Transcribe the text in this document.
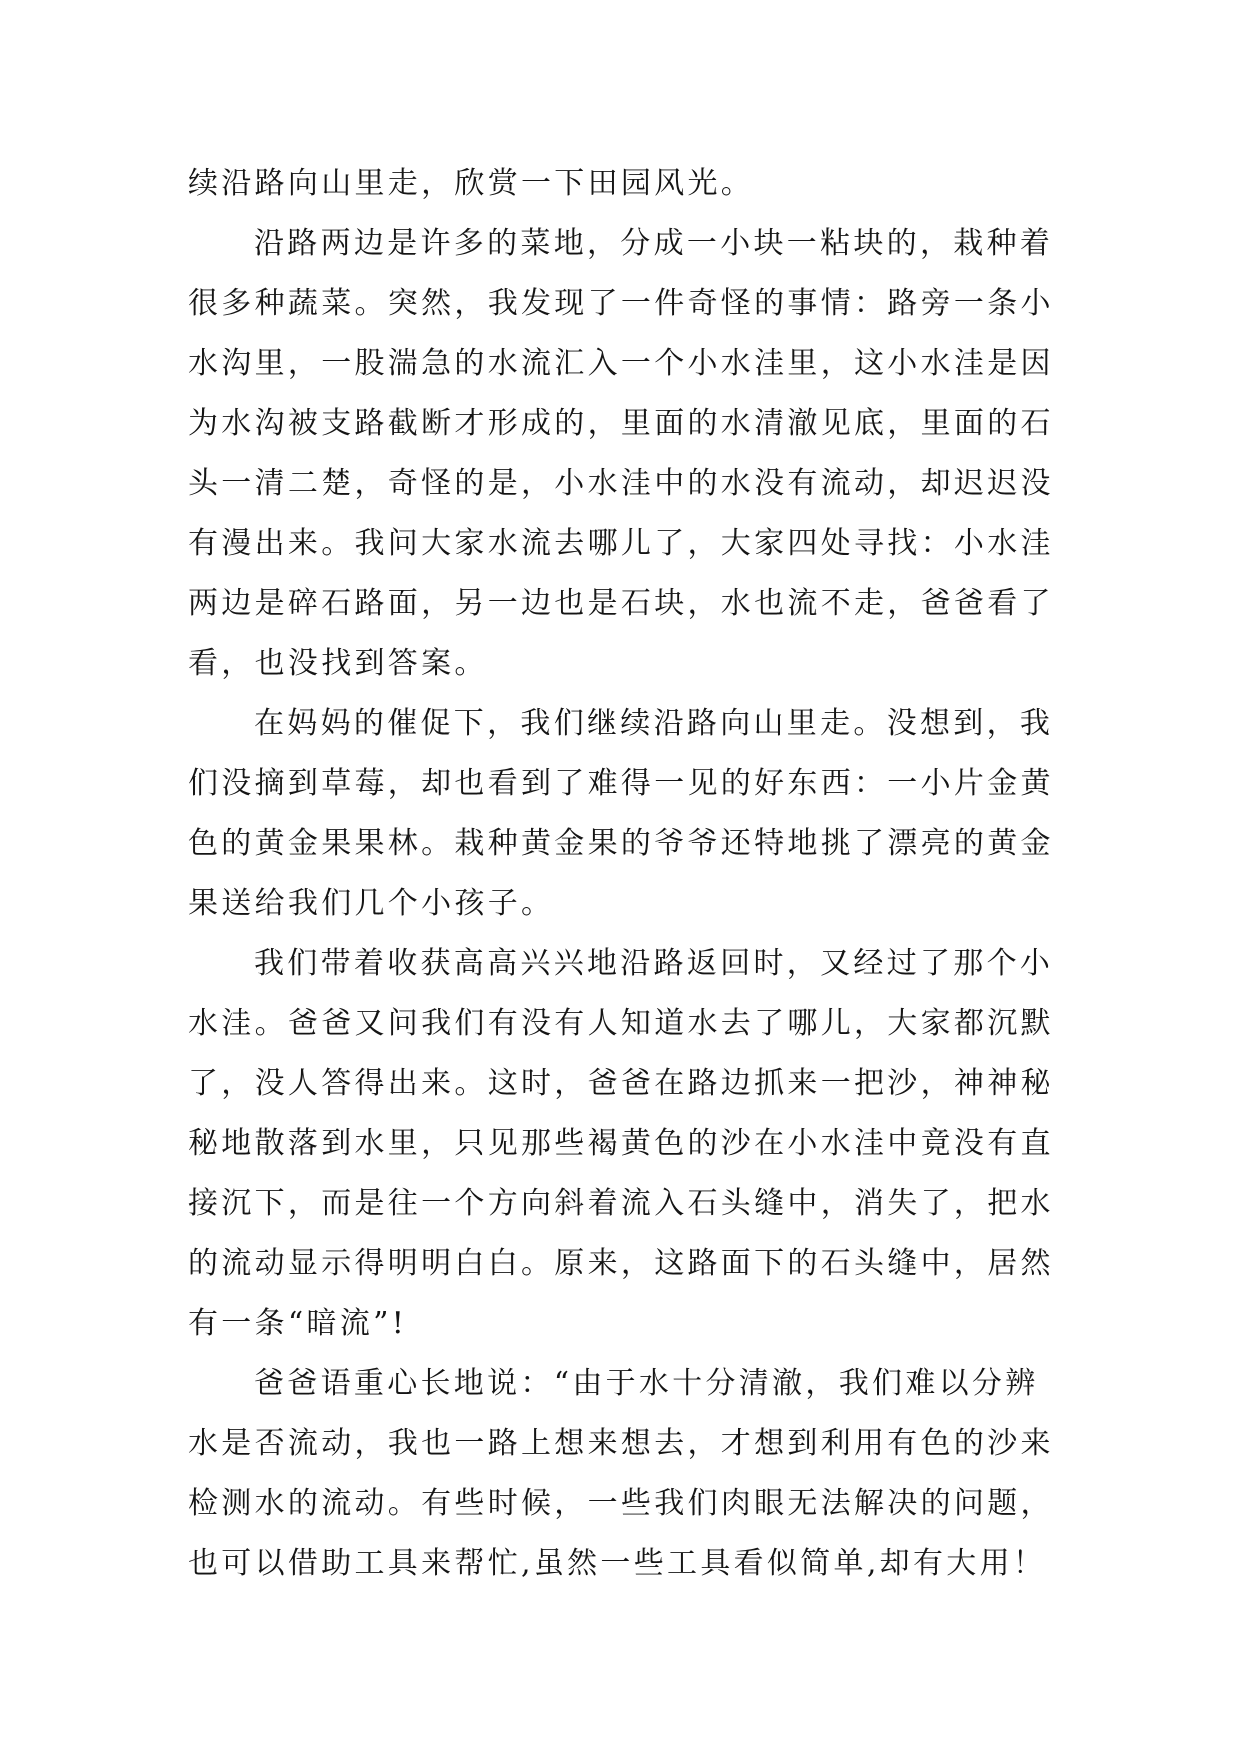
续沿路向山里走，欣赏一下田园风光。
沿路两边是许多的菜地，分成一小块一粘块的，栽种着
很多种蔬菜。突然，我发现了一件奇怪的事情：路旁一条小
水沟里，一股湍急的水流汇入一个小水洼里，这小水洼是因
为水沟被支路截断才形成的，里面的水清澈见底，里面的石
头一清二楚，奇怪的是，小水洼中的水没有流动，却迟迟没
有漫出来。我问大家水流去哪儿了，大家四处寻找：小水洼
两边是碎石路面，另一边也是石块，水也流不走，爸爸看了
看，也没找到答案。
在妈妈的催促下，我们继续沿路向山里走。没想到，我
们没摘到草莓，却也看到了难得一见的好东西：一小片金黄
色的黄金果果林。栽种黄金果的爷爷还特地挑了漂亮的黄金
果送给我们几个小孩子。
我们带着收获高高兴兴地沿路返回时，又经过了那个小
水洼。爸爸又问我们有没有人知道水去了哪儿，大家都沉默
了，没人答得出来。这时，爸爸在路边抓来一把沙，神神秘
秘地散落到水里，只见那些褐黄色的沙在小水洼中竟没有直
接沉下，而是往一个方向斜着流入石头缝中，消失了，把水
的流动显示得明明白白。原来，这路面下的石头缝中，居然
有一条“暗流”!
爸爸语重心长地说：“由于水十分清澈，我们难以分辨
水是否流动，我也一路上想来想去，才想到利用有色的沙来
检测水的流动。有些时候，一些我们肉眼无法解决的问题，
也可以借助工具来帮忙,虽然一些工具看似简单,却有大用！
